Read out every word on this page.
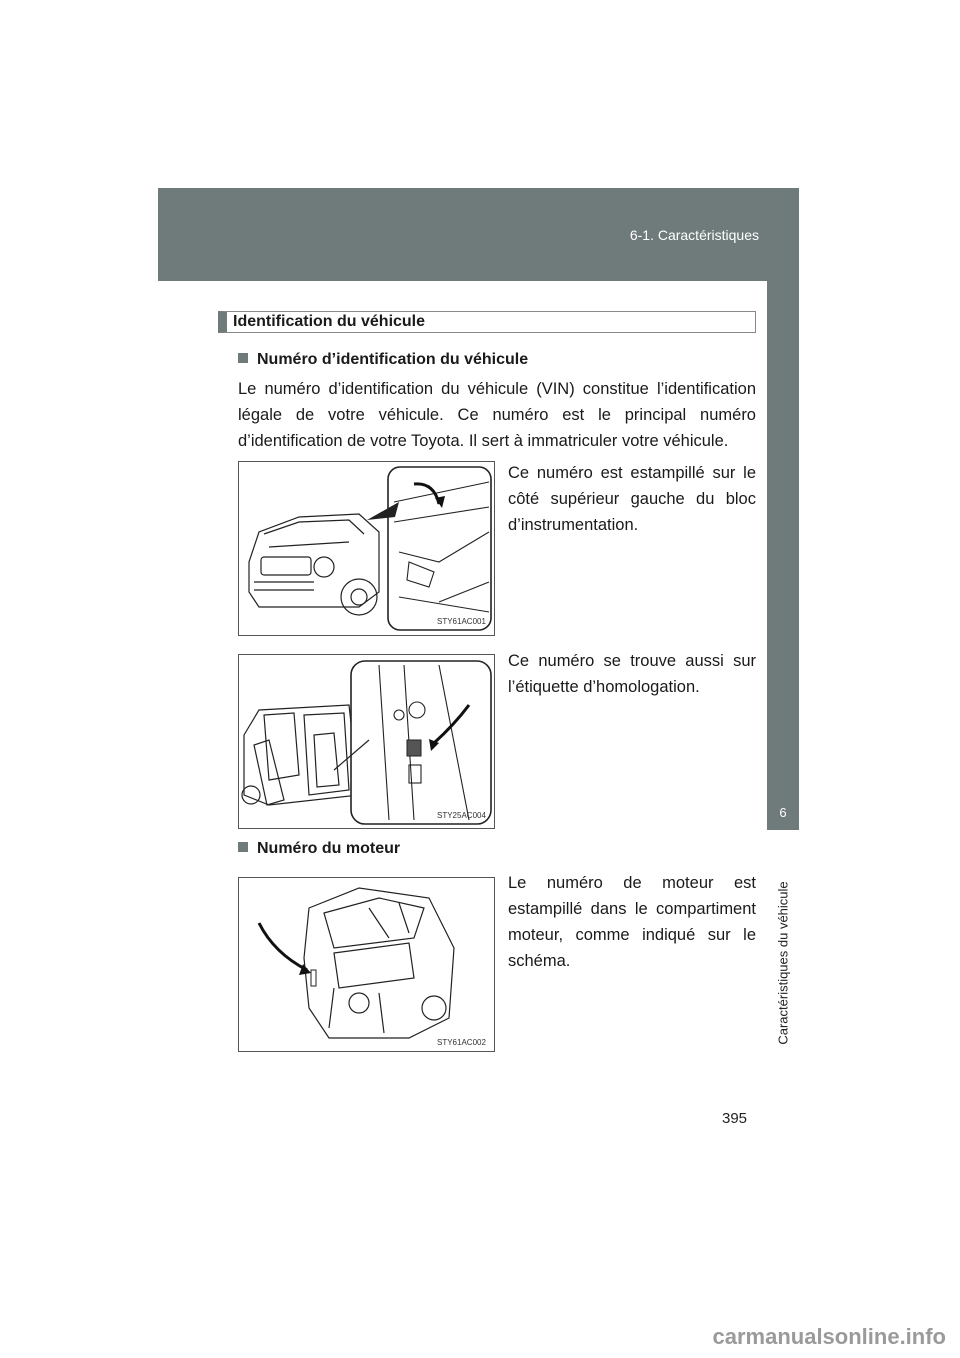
6-1. Caractéristiques
6
Caractéristiques du véhicule
Identification du véhicule
Numéro d’identification du véhicule

Le numéro d’identification du véhicule (VIN) constitue l’identification légale de votre véhicule. Ce numéro est le principal numéro d’identification de votre Toyota. Il sert à immatriculer votre véhicule.

STY61AC001

Ce numéro est estampillé sur le côté supérieur gauche du bloc d’instrumentation.

STY25AC004

Ce numéro se trouve aussi sur l’étiquette d’homologation.

Numéro du moteur
STY61AC002

Le numéro de moteur est estampillé dans le compartiment moteur, comme indiqué sur le schéma.

395
carmanualsonline.info
